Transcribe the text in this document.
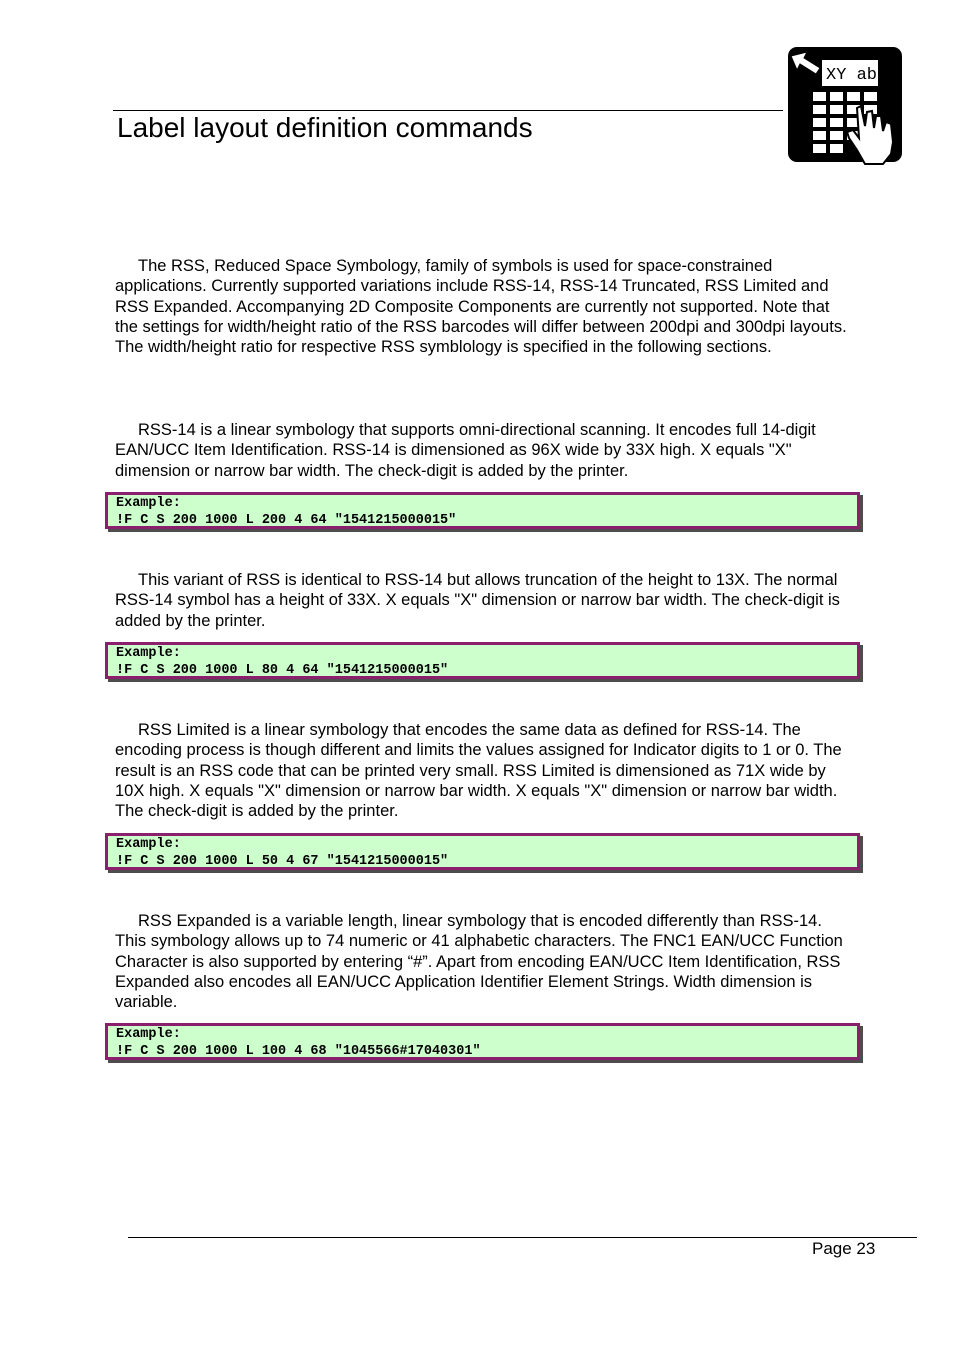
Label layout definition commands
XY ab

The RSS, Reduced Space Symbology, family of symbols is used for space-constrained applications. Currently supported variations include RSS-14, RSS-14 Truncated, RSS Limited and RSS Expanded. Accompanying 2D Composite Components are currently not supported. Note that the settings for width/height ratio of the RSS barcodes will differ between 200dpi and 300dpi layouts. The width/height ratio for respective RSS symblology is specified in the following sections.

RSS-14 is a linear symbology that supports omni-directional scanning. It encodes full 14-digit EAN/UCC Item Identification. RSS-14 is dimensioned as 96X wide by 33X high. X equals "X" dimension or narrow bar width. The check-digit is added by the printer.

Example:
!F C S 200 1000 L 200 4 64 "1541215000015"

This variant of RSS is identical to RSS-14 but allows truncation of the height to 13X. The normal RSS-14 symbol has a height of 33X. X equals "X" dimension or narrow bar width. The check-digit is added by the printer.

Example:
!F C S 200 1000 L 80 4 64 "1541215000015"

RSS Limited is a linear symbology that encodes the same data as defined for RSS-14. The encoding process is though different and limits the values assigned for Indicator digits to 1 or 0. The result is an RSS code that can be printed very small. RSS Limited is dimensioned as 71X wide by 10X high. X equals "X" dimension or narrow bar width. X equals "X" dimension or narrow bar width. The check-digit is added by the printer.

Example:
!F C S 200 1000 L 50 4 67 "1541215000015"

RSS Expanded is a variable length, linear symbology that is encoded differently than RSS-14. This symbology allows up to 74 numeric or 41 alphabetic characters. The FNC1 EAN/UCC Function Character is also supported by entering “#”. Apart from encoding EAN/UCC Item Identification, RSS Expanded also encodes all EAN/UCC Application Identifier Element Strings. Width dimension is variable.

Example:
!F C S 200 1000 L 100 4 68 "1045566#17040301"
Page 23
